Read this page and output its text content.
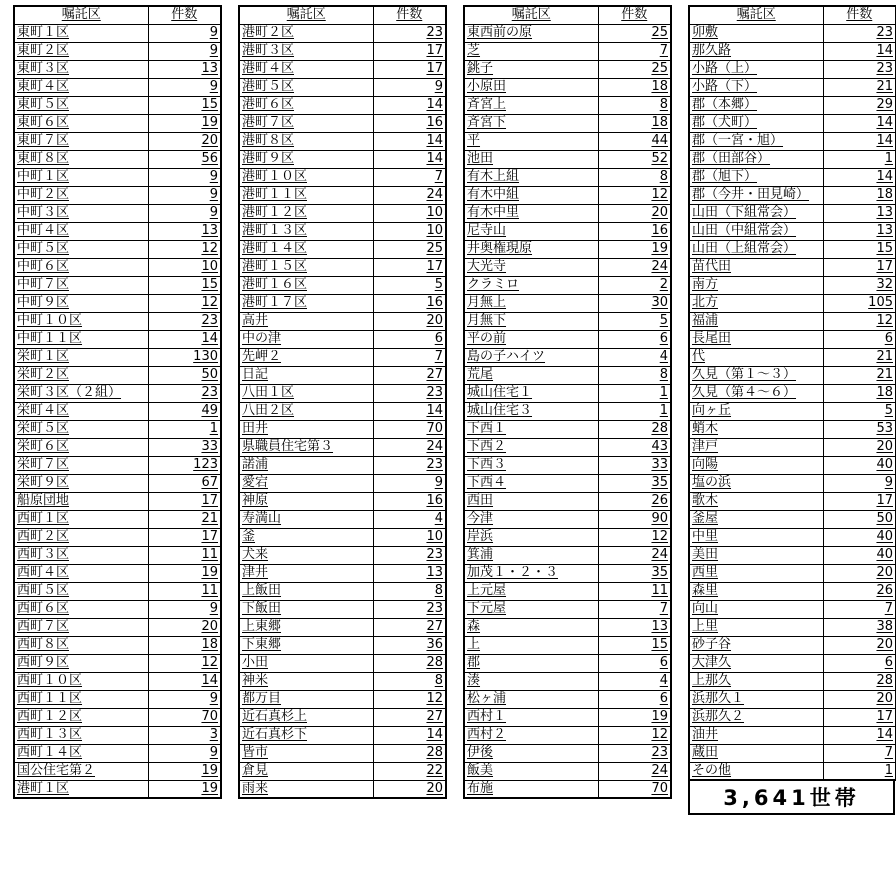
嘱託区	件数
東町１区	9
東町２区	9
東町３区	13
東町４区	9
東町５区	15
東町６区	19
東町７区	20
東町８区	56
中町１区	9
中町２区	9
中町３区	9
中町４区	13
中町５区	12
中町６区	10
中町７区	15
中町９区	12
中町１０区	23
中町１１区	14
栄町１区	130
栄町２区	50
栄町３区（２組）	23
栄町４区	49
栄町５区	1
栄町６区	33
栄町７区	123
栄町９区	67
船原団地	17
西町１区	21
西町２区	17
西町３区	11
西町４区	19
西町５区	11
西町６区	9
西町７区	20
西町８区	18
西町９区	12
西町１０区	14
西町１１区	9
西町１２区	70
西町１３区	3
西町１４区	9
国公住宅第２	19
港町１区	19
嘱託区	件数
港町２区	23
港町３区	17
港町４区	17
港町５区	9
港町６区	14
港町７区	16
港町８区	14
港町９区	14
港町１０区	7
港町１１区	24
港町１２区	10
港町１３区	10
港町１４区	25
港町１５区	17
港町１６区	5
港町１７区	16
高井	20
中の津	6
先岬２	7
日記	27
八田１区	23
八田２区	14
田井	70
県職員住宅第３	24
諾浦	23
愛宕	9
神原	16
寿満山	4
釜	10
犬来	23
津井	13
上飯田	8
下飯田	23
上東郷	27
下東郷	36
小田	28
神米	8
都万目	12
近石真杉上	27
近石真杉下	14
皆市	28
倉見	22
雨来	20
嘱託区	件数
東西前の原	25
芝	7
銚子	25
小原田	18
斉宮上	8
斉宮下	18
平	44
池田	52
有木上組	8
有木中組	12
有木中里	20
尼寺山	16
井奥権現原	19
大光寺	24
クラミロ	2
月無上	30
月無下	5
平の前	6
島の子ハイツ	4
荒尾	8
城山住宅１	1
城山住宅３	1
下西１	28
下西２	43
下西３	33
下西４	35
西田	26
今津	90
岸浜	12
箕浦	24
加茂１・２・３	35
上元屋	11
下元屋	7
森	13
上	15
郡	6
湊	4
松ヶ浦	6
西村１	19
西村２	12
伊後	23
飯美	24
布施	70
嘱託区	件数
卯敷	23
那久路	14
小路（上）	23
小路（下）	21
郡（本郷）	29
郡（犬町）	14
郡（一宮・旭）	14
郡（田部谷）	1
郡（旭下）	14
郡（今井・田見崎）	18
山田（下組常会）	13
山田（中組常会）	13
山田（上組常会）	15
苗代田	17
南方	32
北方	105
福浦	12
長尾田	6
代	21
久見（第１～３）	21
久見（第４～６）	18
向ヶ丘	5
蛸木	53
津戸	20
向陽	40
塩の浜	9
歌木	17
釜屋	50
中里	40
美田	40
西里	20
森里	26
向山	7
上里	38
砂子谷	20
大津久	6
上那久	28
浜那久１	20
浜那久２	17
油井	14
蔵田	7
その他	1
3,641世帯
